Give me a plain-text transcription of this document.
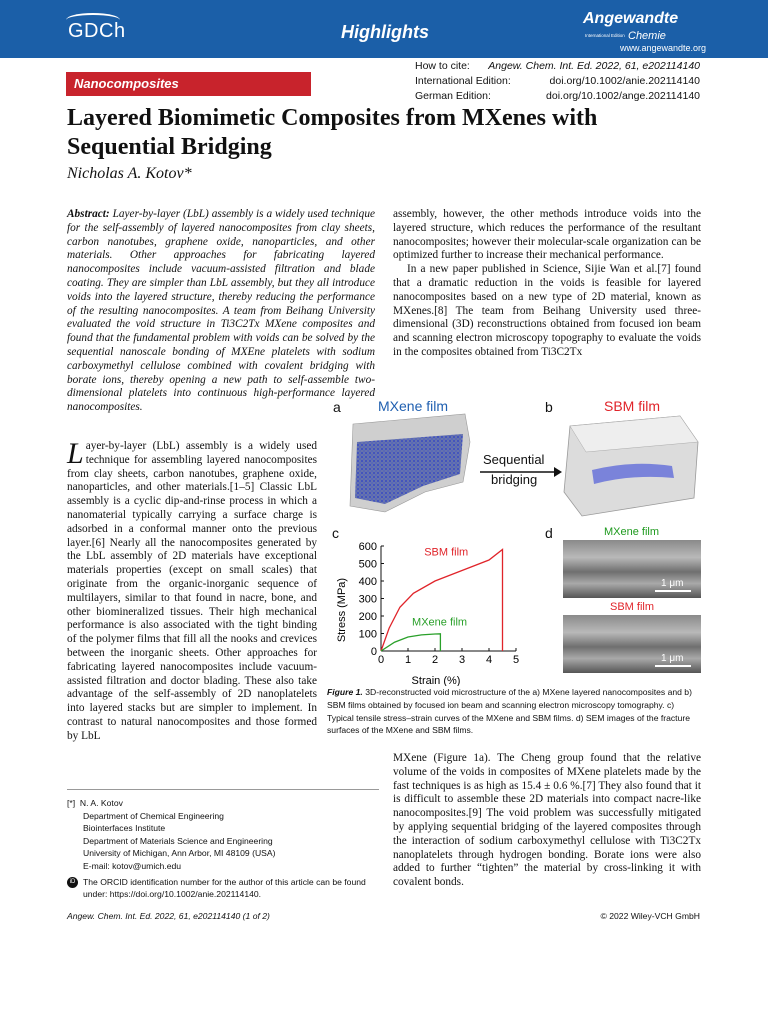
GDCh	Highlights
Angewandte
International Edition Chemie
www.angewandte.org
Nanocomposites
How to cite:	Angew. Chem. Int. Ed. 2022, 61, e202114140
International Edition:	doi.org/10.1002/anie.202114140
German Edition:	doi.org/10.1002/ange.202114140
Layered Biomimetic Composites from MXenes with Sequential Bridging
Nicholas A. Kotov*
Abstract: Layer-by-layer (LbL) assembly is a widely used technique for the self-assembly of layered nanocomposites from clay sheets, carbon nanotubes, graphene oxide, nanoparticles, and other materials. Other approaches for fabricating layered nanocomposites include vacuum-assisted filtration and blade coating. They are simpler than LbL assembly, but they all introduce voids into the layered structure, thereby reducing the performance of the resulting nanocomposites. A team from Beihang University evaluated the void structure in Ti3C2Tx MXene composites and found that the fundamental problem with voids can be solved by the sequential nanoscale bonding of MXEne platelets with sodium carboxymethyl cellulose combined with covalent bridging with borate ions, thereby opening a new path to self-assemble two-dimensional platelets into continuous high-performance layered nanocomposites.
L ayer-by-layer (LbL) assembly is a widely used technique for assembling layered nanocomposites from clay sheets, carbon nanotubes, graphene oxide, nanoparticles, and other materials.[1–5] Classic LbL assembly is a cyclic dip-and-rinse process in which a nanomaterial typically carrying a surface charge is adsorbed in a conformal manner onto the previous layer.[6] Nearly all the nanocomposites generated by the LbL assembly of 2D materials have exceptional materials properties (except on small scales) that originate from the organic-inorganic sequence of multilayers, similar to that found in nacre, bone, and other biomineralized tissues. Their high mechanical performance is also associated with the tight binding of the polymer films that fill all the nooks and crevices between the inorganic sheets. Other approaches for fabricating layered nanocomposites include vacuum-assisted filtration and doctor blading. These also take advantage of the self-assembly of 2D nanoplatelets into layered stacks but are simpler to implement. In contrast to natural nanocomposites and those formed by LbL
assembly, however, the other methods introduce voids into the layered structure, which reduces the performance of the resultant nanocomposites; however their molecular-scale organization can be optimized further to increase their mechanical performance.
In a new paper published in Science, Sijie Wan et al.[7] found that a dramatic reduction in the voids is feasible for layered nanocomposites based on a new type of 2D material, known as MXenes.[8] The team from Beihang University used three-dimensional (3D) reconstructions obtained from focused ion beam and scanning electron microscopy topography to evaluate the voids in the composites obtained from Ti3C2Tx
a	MXene film
5 μm
Sequential
bridging
b	SBM film
5 μm
c
0 1 2 3 4 5
0
100
200
300
400
500
600	SBM film
MXene film
Strain (%)
Stress (MPa)
d	MXene film
1 μm
SBM film
1 μm
Figure 1. 3D-reconstructed void microstructure of the a) MXene layered nanocomposites and b) SBM films obtained by focused ion beam and scanning electron microscopy tomography. c) Typical tensile stress–strain curves of the MXene and SBM films. d) SEM images of the fracture surfaces of the MXene and SBM films.
MXene (Figure 1a). The Cheng group found that the relative volume of the voids in composites of MXene platelets made by the fast techniques is as high as 15.4 ± 0.6 %.[7] They also found that it is difficult to assemble these 2D materials into compact nacre-like nanocomposites.[9] The void problem was successfully mitigated by applying sequential bridging of the layered composites through the interaction of sodium carboxymethyl cellulose with Ti3C2Tx nanoplatelets through hydrogen bonding. Borate ions were also added to further “tighten” the material by cross-linking it with covalent bonds.
[*] N. A. Kotov
Department of Chemical Engineering
Biointerfaces Institute
Department of Materials Science and Engineering
University of Michigan, Ann Arbor, MI 48109 (USA)
E-mail: kotov@umich.edu
iD The ORCID identification number for the author of this article can be found under: https://doi.org/10.1002/anie.202114140.
Angew. Chem. Int. Ed. 2022, 61, e202114140 (1 of 2)	© 2022 Wiley-VCH GmbH
